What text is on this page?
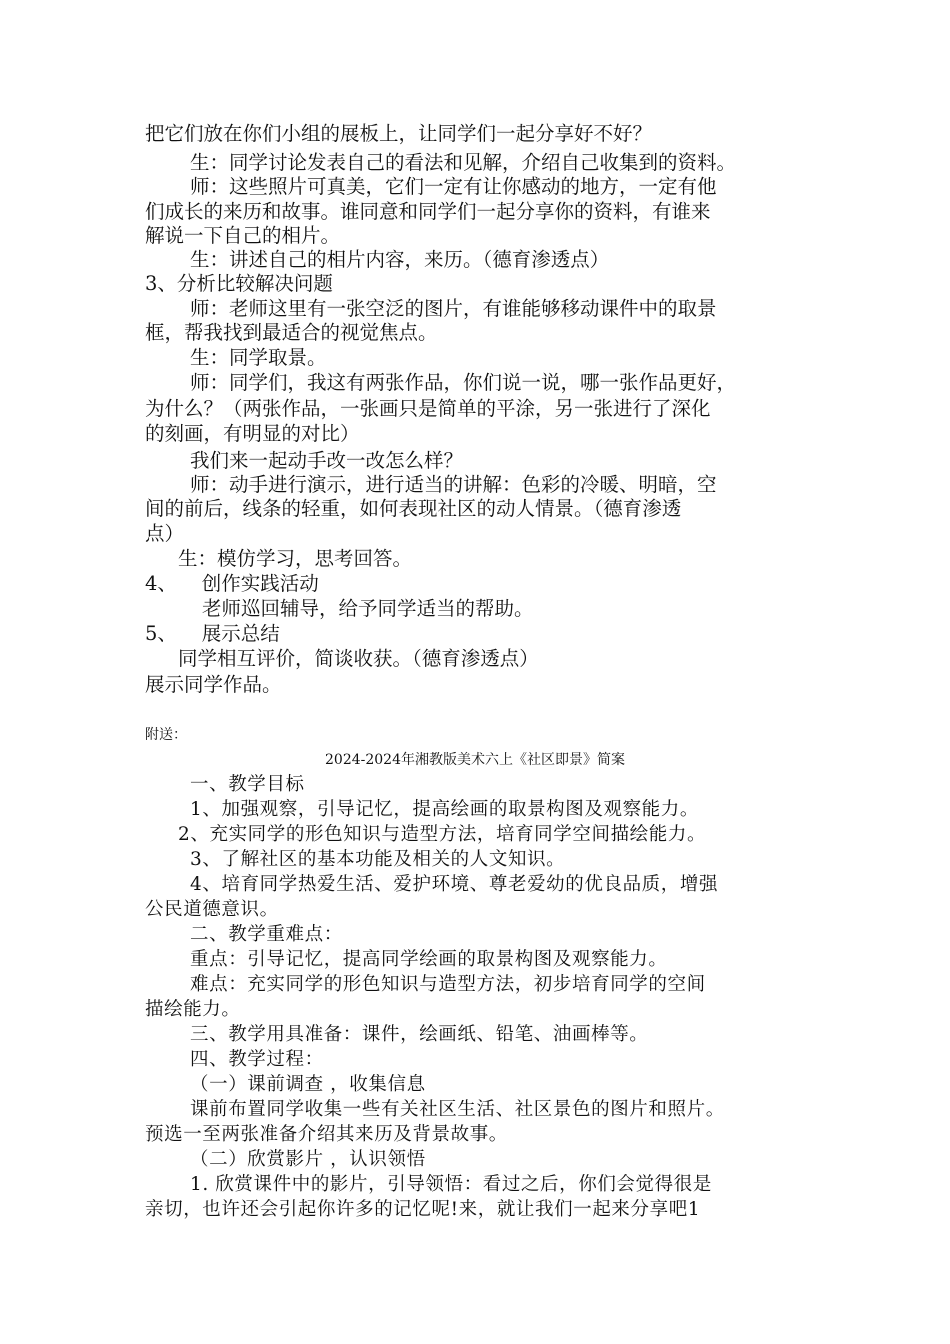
把它们放在你们小组的展板上，让同学们一起分享好不好？
生：同学讨论发表自己的看法和见解，介绍自己收集到的资料。
师：这些照片可真美，它们一定有让你感动的地方，一定有他
们成长的来历和故事。谁同意和同学们一起分享你的资料，有谁来
解说一下自己的相片。
生：讲述自己的相片内容，来历。（德育渗透点）
3、分析比较解决问题
师：老师这里有一张空泛的图片，有谁能够移动课件中的取景
框，帮我找到最适合的视觉焦点。
生：同学取景。
师：同学们，我这有两张作品，你们说一说，哪一张作品更好，
为什么？（两张作品，一张画只是简单的平涂，另一张进行了深化
的刻画，有明显的对比）
我们来一起动手改一改怎么样？
师：动手进行演示，进行适当的讲解：色彩的冷暖、明暗，空
间的前后，线条的轻重，如何表现社区的动人情景。（德育渗透
点）
生：模仿学习，思考回答。
4、    创作实践活动
老师巡回辅导，给予同学适当的帮助。
5、    展示总结
同学相互评价，简谈收获。（德育渗透点）
展示同学作品。
附送：
2024-2024年湘教版美术六上《社区即景》简案
一、教学目标
1、加强观察，引导记忆，提高绘画的取景构图及观察能力。
2、充实同学的形色知识与造型方法，培育同学空间描绘能力。
3、了解社区的基本功能及相关的人文知识。
4、培育同学热爱生活、爱护环境、尊老爱幼的优良品质，增强
公民道德意识。
二、教学重难点：
重点：引导记忆，提高同学绘画的取景构图及观察能力。
难点：充实同学的形色知识与造型方法，初步培育同学的空间
描绘能力。
三、教学用具准备：课件，绘画纸、铅笔、油画棒等。
四、教学过程：
（一）课前调查 ，收集信息
课前布置同学收集一些有关社区生活、社区景色的图片和照片。
预选一至两张准备介绍其来历及背景故事。
（二）欣赏影片 ，认识领悟
1. 欣赏课件中的影片，引导领悟：看过之后，你们会觉得很是
亲切，也许还会引起你许多的记忆呢!来，就让我们一起来分享吧1
